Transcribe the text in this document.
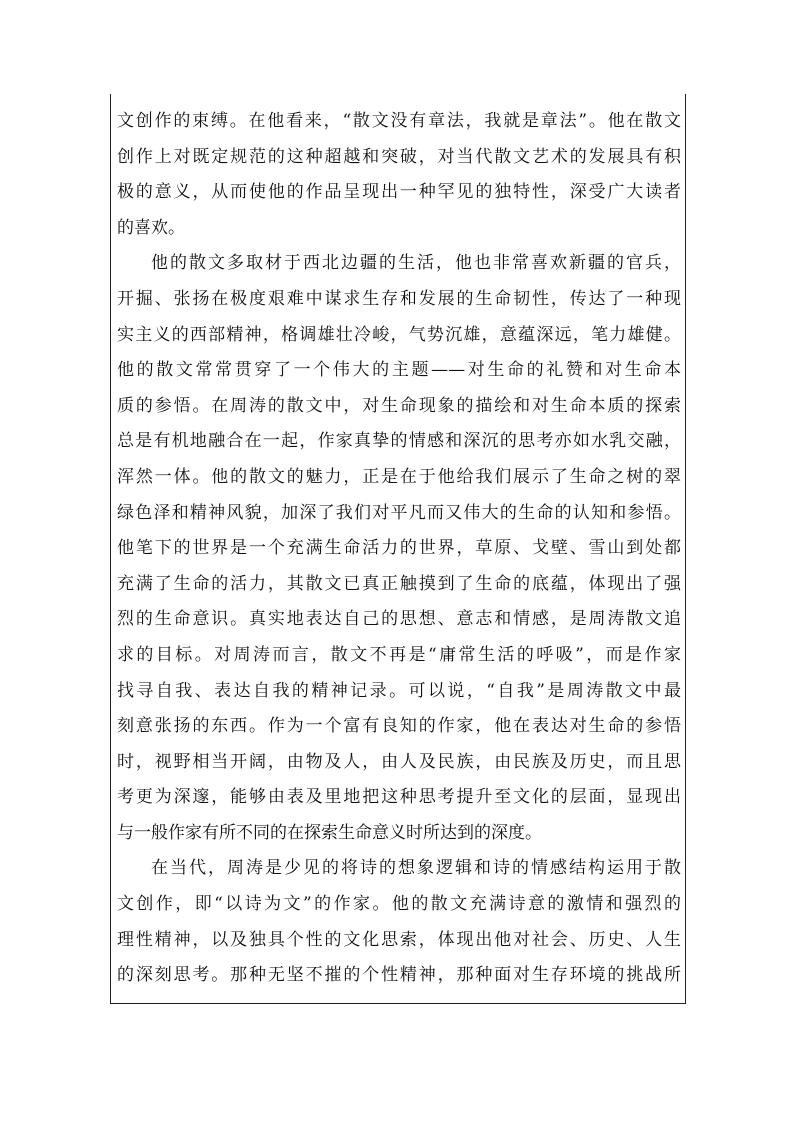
文创作的束缚。在他看来，“散文没有章法，我就是章法”。他在散文
创作上对既定规范的这种超越和突破，对当代散文艺术的发展具有积
极的意义，从而使他的作品呈现出一种罕见的独特性，深受广大读者
的喜欢。
他的散文多取材于西北边疆的生活，他也非常喜欢新疆的官兵，
开掘、张扬在极度艰难中谋求生存和发展的生命韧性，传达了一种现
实主义的西部精神，格调雄壮冷峻，气势沉雄，意蕴深远，笔力雄健。
他的散文常常贯穿了一个伟大的主题——对生命的礼赞和对生命本
质的参悟。在周涛的散文中，对生命现象的描绘和对生命本质的探索
总是有机地融合在一起，作家真挚的情感和深沉的思考亦如水乳交融，
浑然一体。他的散文的魅力，正是在于他给我们展示了生命之树的翠
绿色泽和精神风貌，加深了我们对平凡而又伟大的生命的认知和参悟。
他笔下的世界是一个充满生命活力的世界，草原、戈壁、雪山到处都
充满了生命的活力，其散文已真正触摸到了生命的底蕴，体现出了强
烈的生命意识。真实地表达自己的思想、意志和情感，是周涛散文追
求的目标。对周涛而言，散文不再是“庸常生活的呼吸”，而是作家
找寻自我、表达自我的精神记录。可以说，“自我”是周涛散文中最
刻意张扬的东西。作为一个富有良知的作家，他在表达对生命的参悟
时，视野相当开阔，由物及人，由人及民族，由民族及历史，而且思
考更为深邃，能够由表及里地把这种思考提升至文化的层面，显现出
与一般作家有所不同的在探索生命意义时所达到的深度。
在当代，周涛是少见的将诗的想象逻辑和诗的情感结构运用于散
文创作，即“以诗为文”的作家。他的散文充满诗意的激情和强烈的
理性精神，以及独具个性的文化思索，体现出他对社会、历史、人生
的深刻思考。那种无坚不摧的个性精神，那种面对生存环境的挑战所
